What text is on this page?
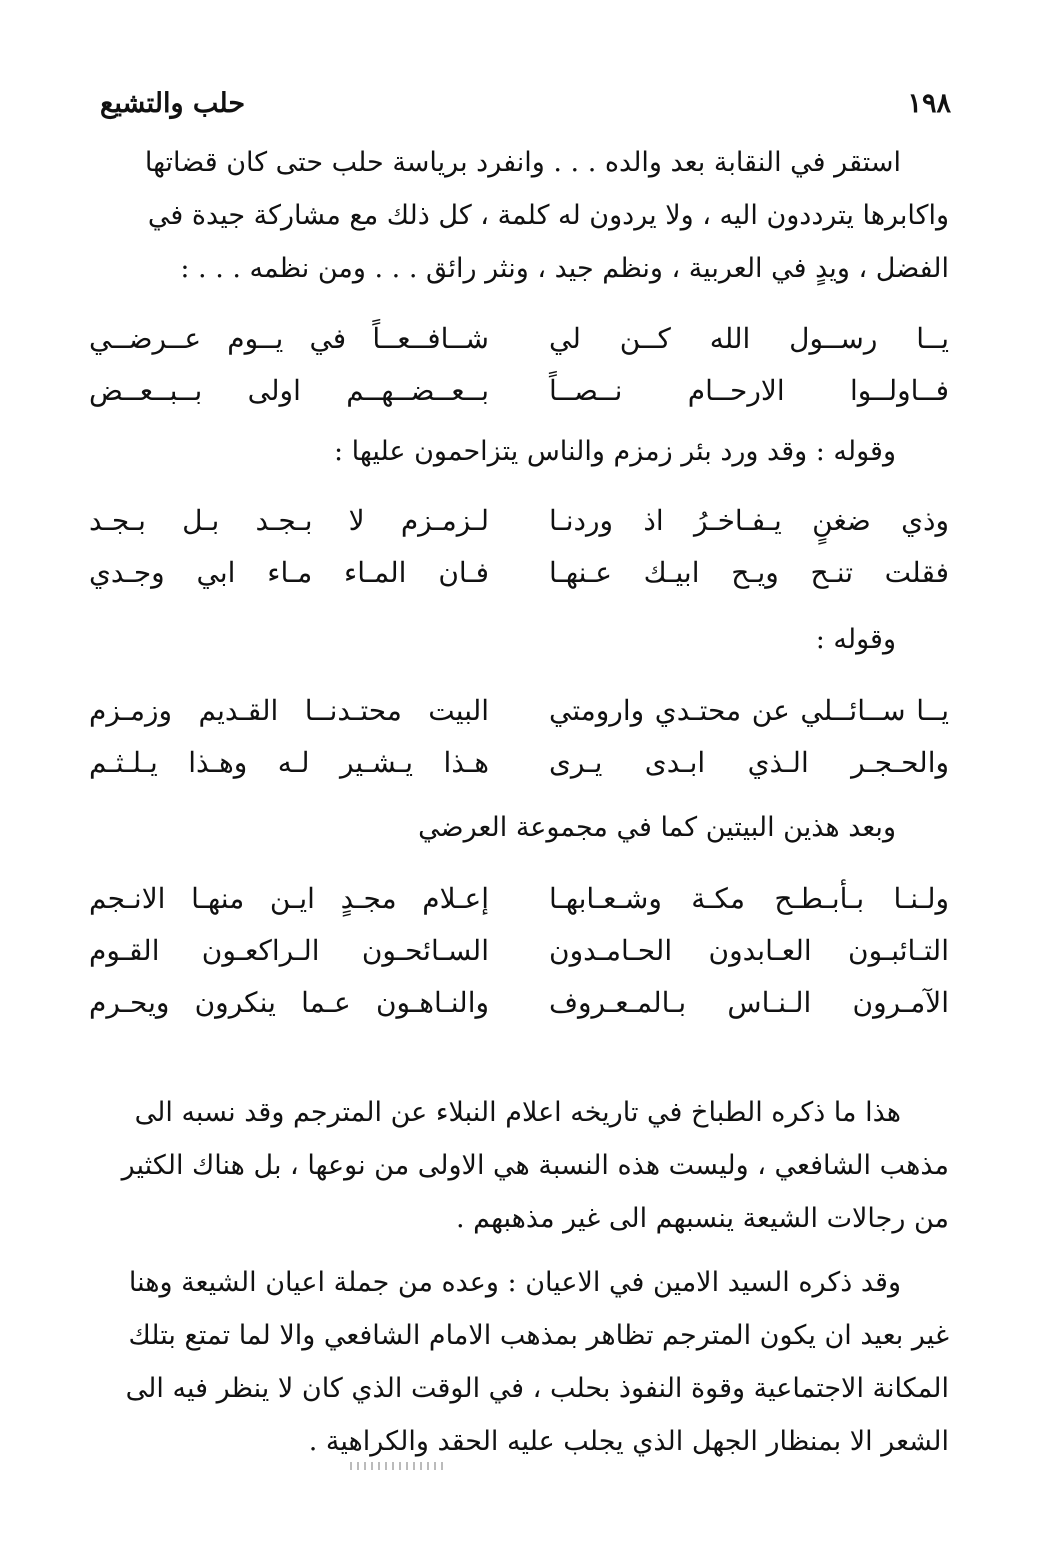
١٩٨
حلب والتشيع
استقر في النقابة بعد والده . . . وانفرد برياسة حلب حتى كان قضاتها
واكابرها يترددون اليه ، ولا يردون له كلمة ، كل ذلك مع مشاركة جيدة في
الفضل ، ويدٍ في العربية ، ونظم جيد ، ونثر رائق . . . ومن نظمه . . . :
يــا رســول الله كــن لي
شــافــعــاً في يــوم عــرضــي
فــاولــوا الارحــام نــصــاً
بــعــضــهــم اولى بــبــعــض
وقوله : وقد ورد بئر زمزم والناس يتزاحمون عليها :
وذي ضغنٍ يـفـاخـرُ اذ وردنـا
لـزمـزم لا بـجـد بـل بـجـد
فقلت تنـح ويـح ابيـك عـنهـا
فـان المـاء مـاء ابي وجـدي
وقوله :
يــا ســائــلي عن محتـدي وارومتي
البيت محتـدنــا القـديم وزمـزم
والحـجـر الـذي ابـدى يـرى
هـذا يـشـير لـه وهـذا يـلـثـم
وبعد هذين البيتين كما في مجموعة العرضي
ولـنـا بـأبـطـح مكـة وشـعـابهـا
إعـلام مجـدٍ ايـن منهـا الانـجم
التـائبـون العـابدون الحـامـدون
السـائحـون الـراكعـون القـوم
الآمـرون الـنـاس بـالمـعـروف
والنـاهـون عـما ينكرون ويحـرم
هذا ما ذكره الطباخ في تاريخه اعلام النبلاء عن المترجم وقد نسبه الى
مذهب الشافعي ، وليست هذه النسبة هي الاولى من نوعها ، بل هناك الكثير
من رجالات الشيعة ينسبهم الى غير مذهبهم .
وقد ذكره السيد الامين في الاعيان : وعده من جملة اعيان الشيعة وهنا
غير بعيد ان يكون المترجم تظاهر بمذهب الامام الشافعي والا لما تمتع بتلك
المكانة الاجتماعية وقوة النفوذ بحلب ، في الوقت الذي كان لا ينظر فيه الى
الشعر الا بمنظار الجهل الذي يجلب عليه الحقد والكراهية .
